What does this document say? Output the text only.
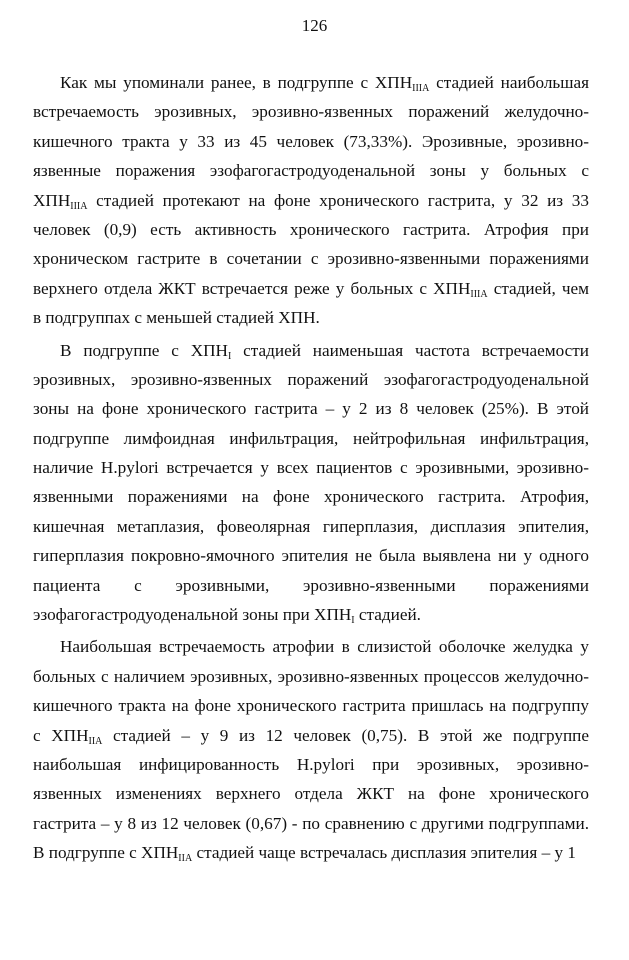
126

Как мы упоминали ранее, в подгруппе с $ХПН_{IIIA}$ стадией наибольшая
встречаемость эрозивных, эрозивно-язвенных поражений желудочно-
кишечного тракта у 33 из 45 человек (73,33%). Эрозивные, эрозивно-
язвенные поражения эзофагогастродуоденальной зоны у больных с
$ХПН_{IIIA}$ стадией протекают на фоне хронического гастрита, у 32 из 33
человек (0,9) есть активность хронического гастрита. Атрофия при
хроническом гастрите в сочетании с эрозивно-язвенными поражениями
верхнего отдела ЖКТ встречается реже у больных с $ХПН_{IIIA}$ стадией, чем
в подгруппах с меньшей стадией ХПН.

В подгруппе с $ХПН_I$ стадией наименьшая частота встречаемости
эрозивных, эрозивно-язвенных поражений эзофагогастродуоденальной
зоны на фоне хронического гастрита – у 2 из 8 человек (25%). В этой
подгруппе лимфоидная инфильтрация, нейтрофильная инфильтрация,
наличие H.pylori встречается у всех пациентов с эрозивными, эрозивно-
язвенными поражениями на фоне хронического гастрита. Атрофия,
кишечная метаплазия, фовеолярная гиперплазия, дисплазия эпителия,
гиперплазия покровно-ямочного эпителия не была выявлена ни у одного
пациента с эрозивными, эрозивно-язвенными поражениями
эзофагогастродуоденальной зоны при $ХПН_I$ стадией.

Наибольшая встречаемость атрофии в слизистой оболочке желудка у
больных с наличием эрозивных, эрозивно-язвенных процессов желудочно-
кишечного тракта на фоне хронического гастрита пришлась на подгруппу
с $ХПН_{IIA}$ стадией – у 9 из 12 человек (0,75). В этой же подгруппе
наибольшая инфицированность H.pylori при эрозивных, эрозивно-
язвенных изменениях верхнего отдела ЖКТ на фоне хронического
гастрита – у 8 из 12 человек (0,67) - по сравнению с другими подгруппами.
В подгруппе с $ХПН_{IIA}$ стадией чаще встречалась дисплазия эпителия – у 1
